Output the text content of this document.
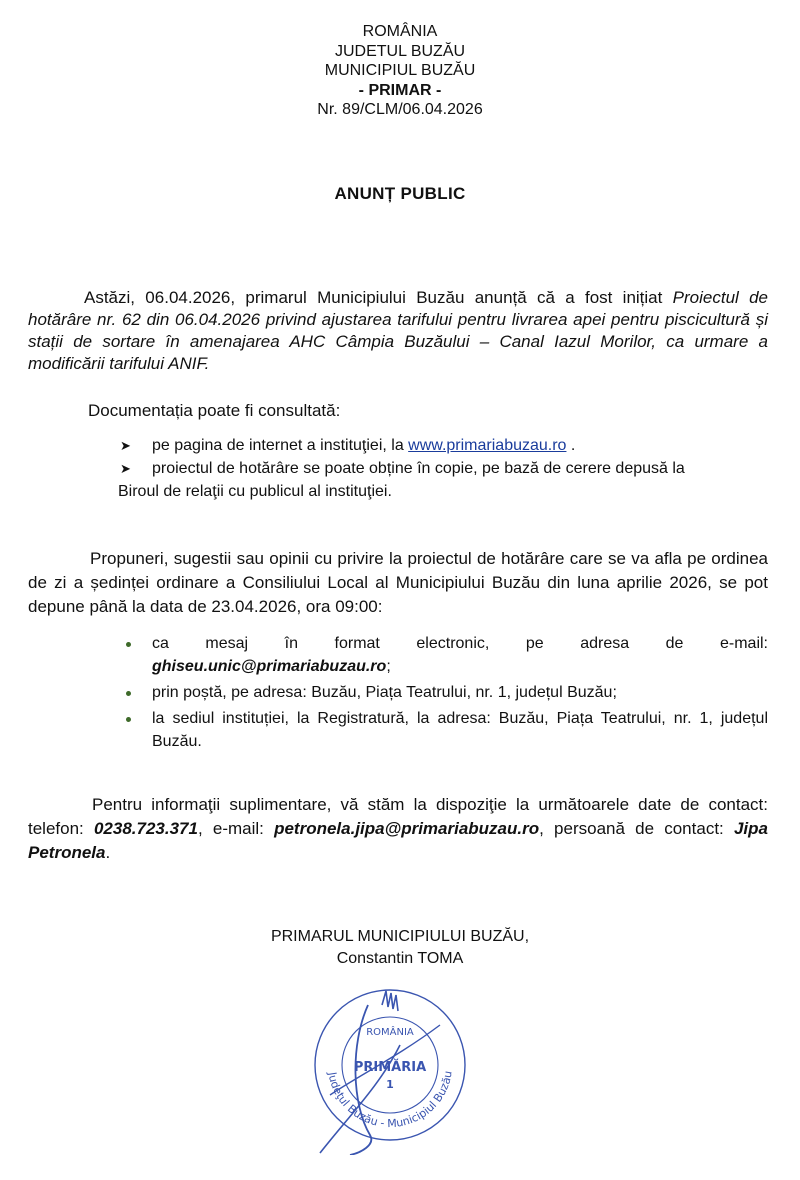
ROMÂNIA
JUDETUL BUZĂU
MUNICIPIUL BUZĂU
- PRIMAR -
Nr. 89/CLM/06.04.2026
ANUNȚ PUBLIC
Astăzi, 06.04.2026, primarul Municipiului Buzău anunță că a fost inițiat Proiectul de hotărâre nr. 62 din 06.04.2026 privind ajustarea tarifului pentru livrarea apei pentru piscicultură și stații de sortare în amenajarea AHC Câmpia Buzăului – Canal Iazul Morilor, ca urmare a modificării tarifului ANIF.
Documentația poate fi consultată:
➤ pe pagina de internet a instituţiei, la www.primariabuzau.ro .
➤ proiectul de hotărâre se poate obține în copie, pe bază de cerere depusă la
Biroul de relaţii cu publicul al instituţiei.
Propuneri, sugestii sau opinii cu privire la proiectul de hotărâre care se va afla pe ordinea de zi a ședinței ordinare a Consiliului Local al Municipiului Buzău din luna aprilie 2026, se pot depune până la data de 23.04.2026, ora 09:00:
ca mesaj în format electronic, pe adresa de e-mail:
ghiseu.unic@primariabuzau.ro;
prin poștă, pe adresa: Buzău, Piața Teatrului, nr. 1, județul Buzău;
la sediul instituției, la Registratură, la adresa: Buzău, Piața Teatrului, nr. 1, județul Buzău.
Pentru informaţii suplimentare, vă stăm la dispoziţie la următoarele date de contact: telefon: 0238.723.371, e-mail: petronela.jipa@primariabuzau.ro, persoană de contact: Jipa Petronela.
PRIMARUL MUNICIPIULUI BUZĂU,
Constantin TOMA
Judeţul Buzău - Municipiul Buzău
ROMÂNIA
PRIMĂRIA
1
